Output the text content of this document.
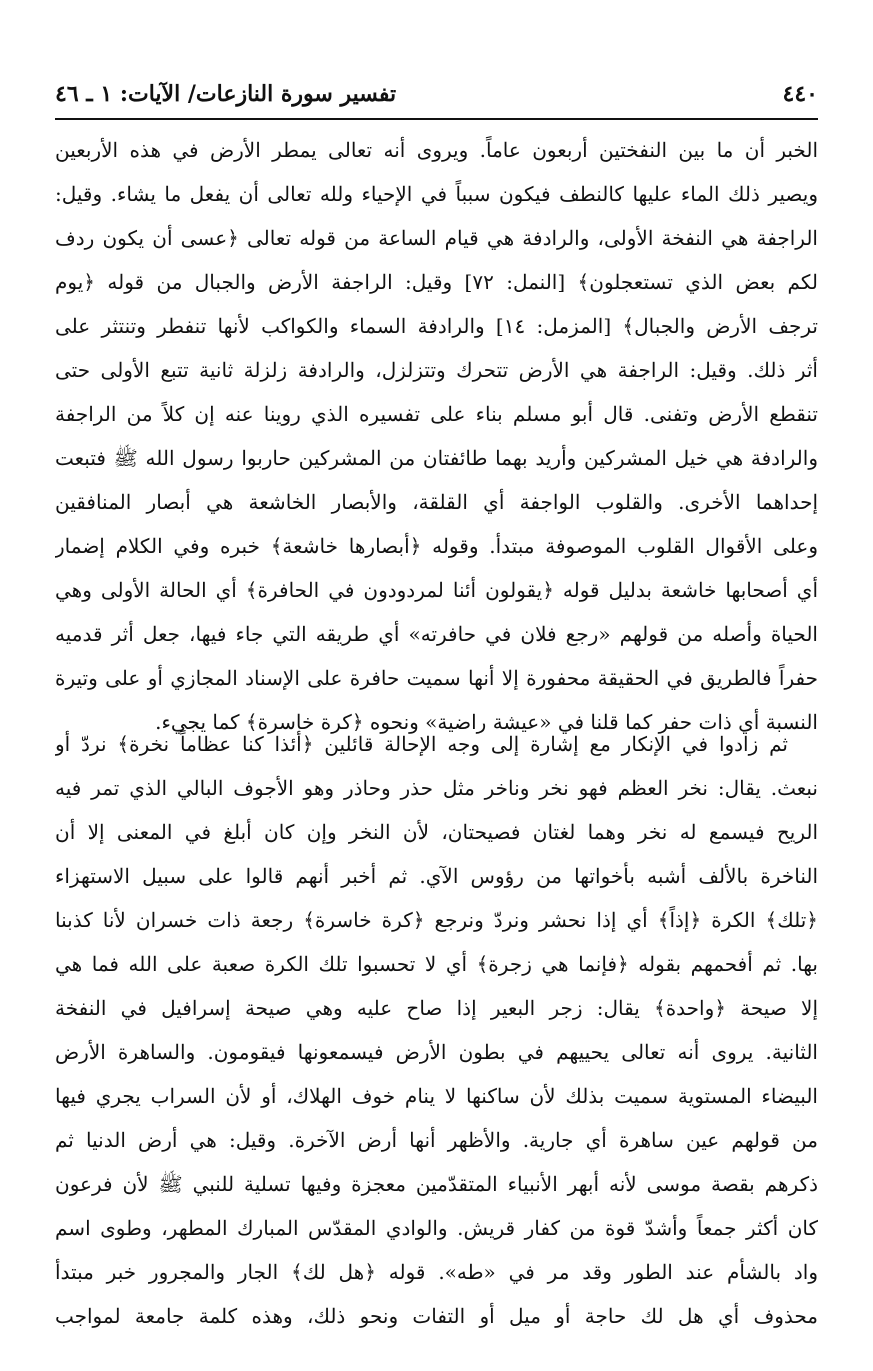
٤٤٠
تفسير سورة النازعات/ الآيات: ١ ـ ٤٦
الخبر أن ما بين النفختين أربعون عاماً. ويروى أنه تعالى يمطر الأرض في هذه الأربعين
ويصير ذلك الماء عليها كالنطف فيكون سبباً في الإحياء ولله تعالى أن يفعل ما يشاء. وقيل:
الراجفة هي النفخة الأولى، والرادفة هي قيام الساعة من قوله تعالى ﴿عسى أن يكون ردف
لكم بعض الذي تستعجلون﴾ [النمل: ٧٢] وقيل: الراجفة الأرض والجبال من قوله ﴿يوم
ترجف الأرض والجبال﴾ [المزمل: ١٤] والرادفة السماء والكواكب لأنها تنفطر وتنتثر على
أثر ذلك. وقيل: الراجفة هي الأرض تتحرك وتتزلزل، والرادفة زلزلة ثانية تتبع الأولى حتى
تنقطع الأرض وتفنى. قال أبو مسلم بناء على تفسيره الذي روينا عنه إن كلاً من الراجفة
والرادفة هي خيل المشركين وأريد بهما طائفتان من المشركين حاربوا رسول الله ﷺ فتبعت
إحداهما الأخرى. والقلوب الواجفة أي القلقة، والأبصار الخاشعة هي أبصار المنافقين
وعلى الأقوال القلوب الموصوفة مبتدأ. وقوله ﴿أبصارها خاشعة﴾ خبره وفي الكلام إضمار
أي أصحابها خاشعة بدليل قوله ﴿يقولون أئنا لمردودون في الحافرة﴾ أي الحالة الأولى وهي
الحياة وأصله من قولهم «رجع فلان في حافرته» أي طريقه التي جاء فيها، جعل أثر قدميه
حفراً فالطريق في الحقيقة محفورة إلا أنها سميت حافرة على الإسناد المجازي أو على وتيرة
النسبة أي ذات حفر كما قلنا في «عيشة راضية» ونحوه ﴿كرة خاسرة﴾ كما يجيء.
ثم زادوا في الإنكار مع إشارة إلى وجه الإحالة قائلين ﴿أئذا كنا عظاماً نخرة﴾ نردّ أو
نبعث. يقال: نخر العظم فهو نخر وناخر مثل حذر وحاذر وهو الأجوف البالي الذي تمر فيه
الريح فيسمع له نخر وهما لغتان فصيحتان، لأن النخر وإن كان أبلغ في المعنى إلا أن
الناخرة بالألف أشبه بأخواتها من رؤوس الآي. ثم أخبر أنهم قالوا على سبيل الاستهزاء
﴿تلك﴾ الكرة ﴿إذاً﴾ أي إذا نحشر ونردّ ونرجع ﴿كرة خاسرة﴾ رجعة ذات خسران لأنا كذبنا
بها. ثم أفحمهم بقوله ﴿فإنما هي زجرة﴾ أي لا تحسبوا تلك الكرة صعبة على الله فما هي
إلا صيحة ﴿واحدة﴾ يقال: زجر البعير إذا صاح عليه وهي صيحة إسرافيل في النفخة
الثانية. يروى أنه تعالى يحييهم في بطون الأرض فيسمعونها فيقومون. والساهرة الأرض
البيضاء المستوية سميت بذلك لأن ساكنها لا ينام خوف الهلاك، أو لأن السراب يجري فيها
من قولهم عين ساهرة أي جارية. والأظهر أنها أرض الآخرة. وقيل: هي أرض الدنيا ثم
ذكرهم بقصة موسى لأنه أبهر الأنبياء المتقدّمين معجزة وفيها تسلية للنبي ﷺ لأن فرعون
كان أكثر جمعاً وأشدّ قوة من كفار قريش. والوادي المقدّس المبارك المطهر، وطوى اسم
واد بالشأم عند الطور وقد مر في «طه». قوله ﴿هل لك﴾ الجار والمجرور خبر مبتدأ
محذوف أي هل لك حاجة أو ميل أو التفات ونحو ذلك، وهذه كلمة جامعة لمواجب
